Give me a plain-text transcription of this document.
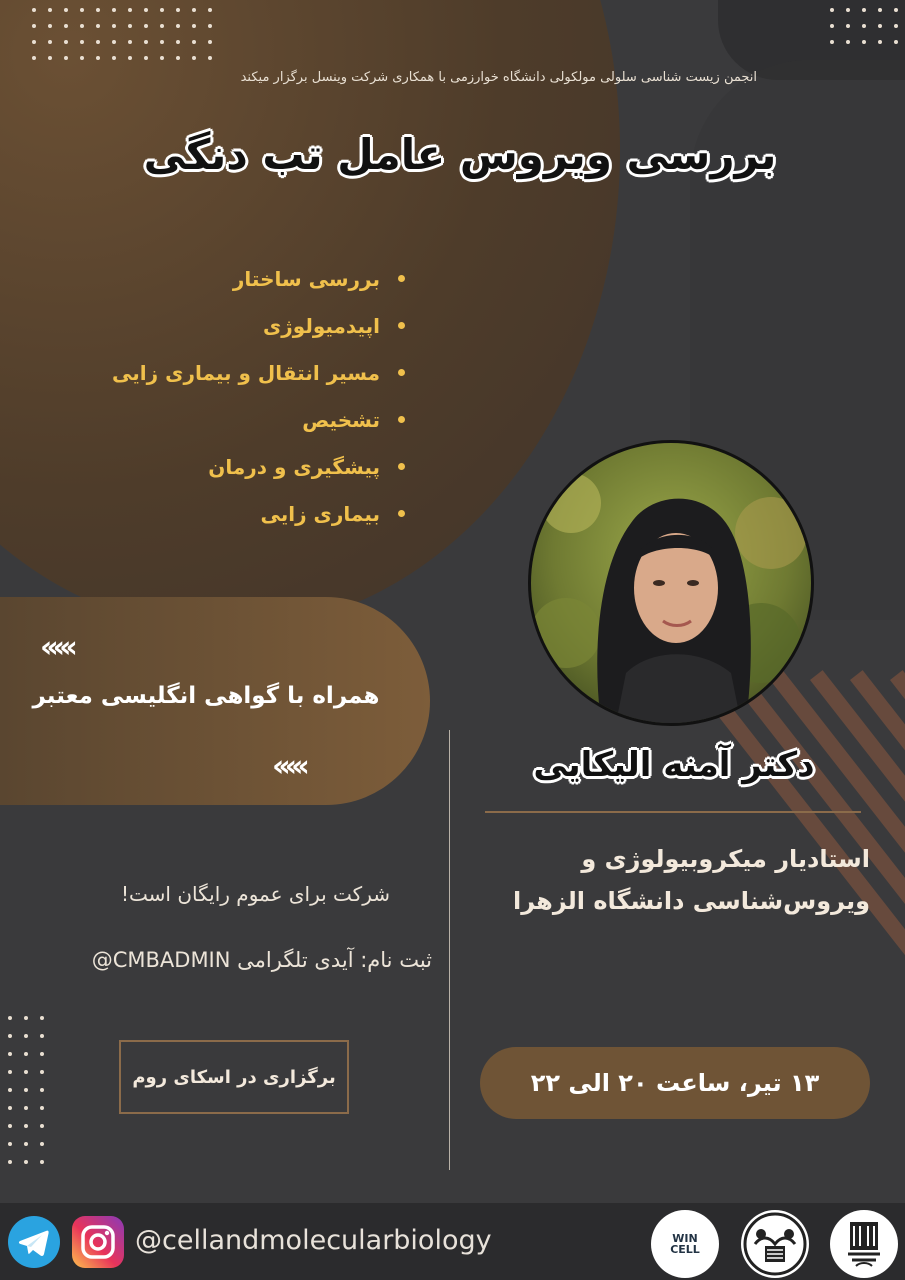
انجمن زیست شناسی سلولی مولکولی دانشگاه خوارزمی با همکاری شرکت وینسل برگزار میکند
بررسی ویروس عامل تب دنگی
بررسی ساختار
اپیدمیولوژی
مسیر انتقال و بیماری زایی
تشخیص
پیشگیری و درمان
بیماری زایی
‹‹‹‹‹
همراه با گواهی انگلیسی معتبر
‹‹‹‹‹	دکتر آمنه الیکایی
استادیار میکروبیولوژی و
ویروس‌شناسی دانشگاه الزهرا
شرکت برای عموم رایگان است!
ثبت نام: آیدی تلگرامی CMBADMIN@
برگزاری در اسکای روم	۱۳ تیر، ساعت ۲۰ الی ۲۲
@cellandmolecularbiology	WIN
CELL
